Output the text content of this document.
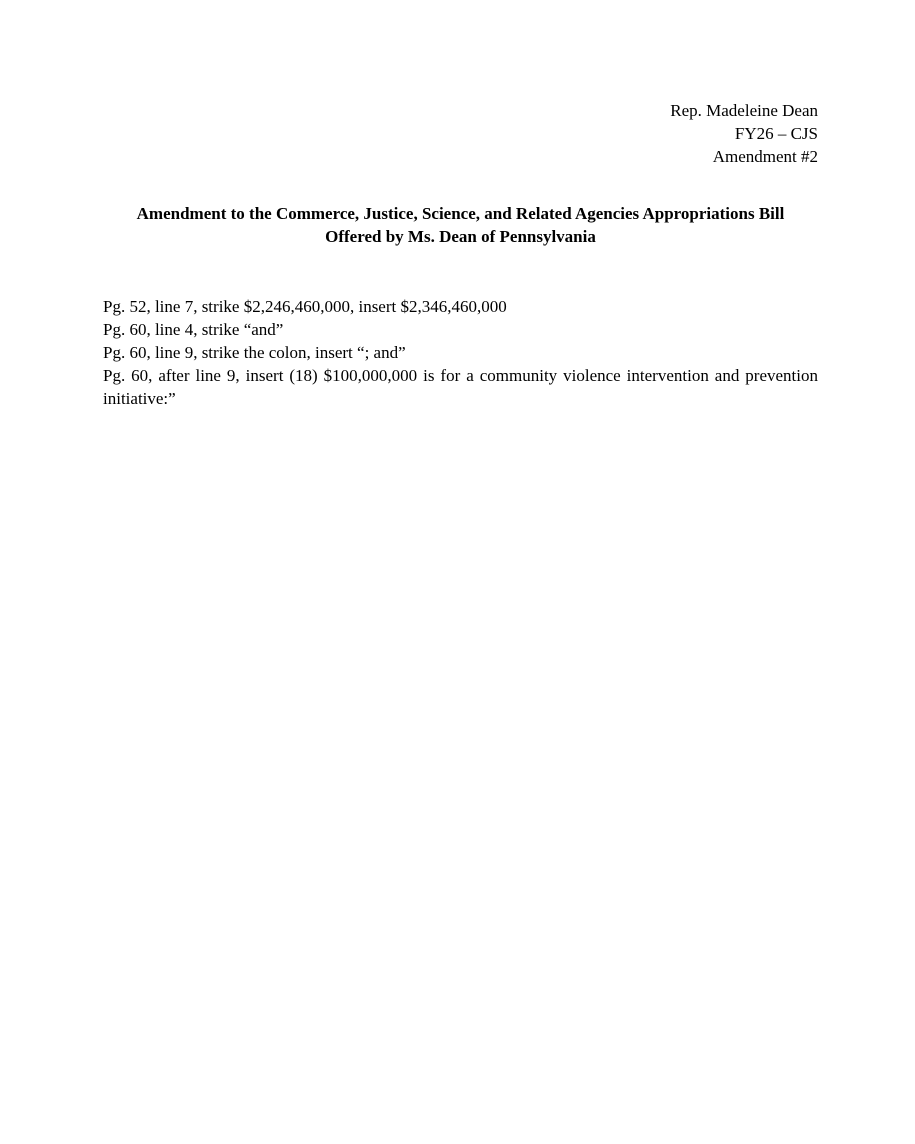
Rep. Madeleine Dean
FY26 – CJS
Amendment #2
Amendment to the Commerce, Justice, Science, and Related Agencies Appropriations Bill
Offered by Ms. Dean of Pennsylvania
Pg. 52, line 7, strike $2,246,460,000, insert $2,346,460,000
Pg. 60, line 4, strike “and”
Pg. 60, line 9, strike the colon, insert “; and”
Pg. 60, after line 9, insert (18) $100,000,000 is for a community violence intervention and prevention initiative:”
